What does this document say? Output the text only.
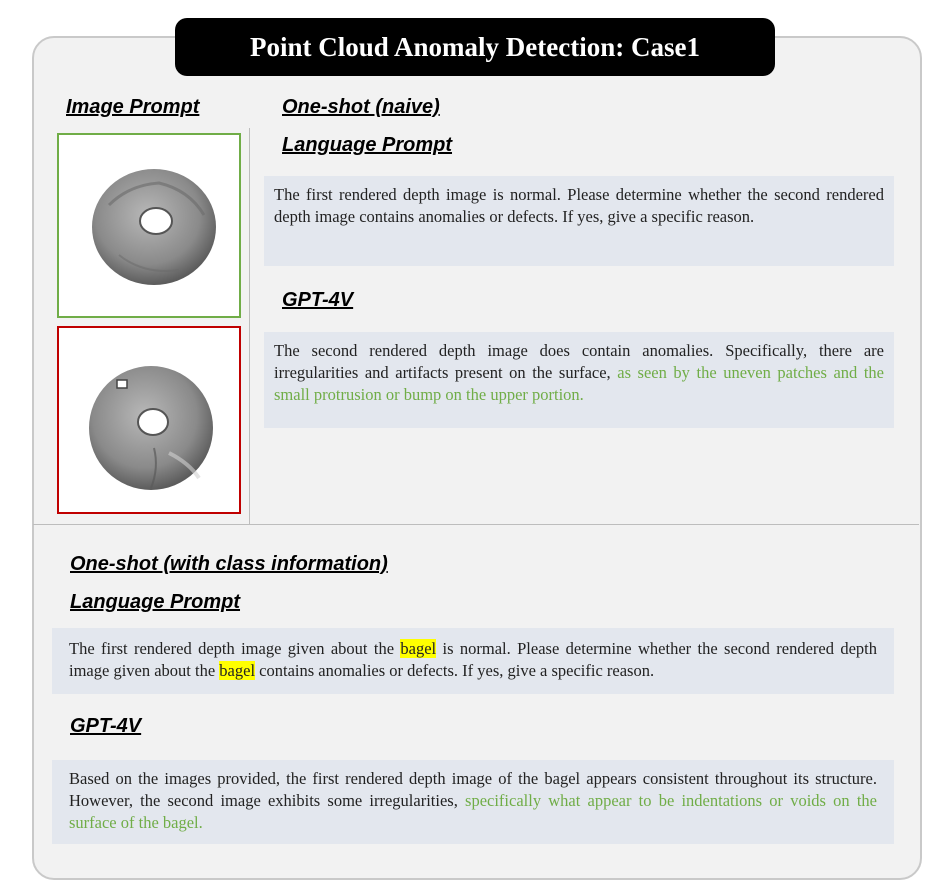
Point Cloud Anomaly Detection: Case1
Image Prompt	One-shot (naive)
Language Prompt
The first rendered depth image is normal. Please determine whether the second rendered depth image contains anomalies or defects. If yes, give a specific reason.
GPT-4V
The second rendered depth image does contain anomalies. Specifically, there are irregularities and artifacts present on the surface, as seen by the uneven patches and the small protrusion or bump on the upper portion.
One-shot (with class information)
Language Prompt
The first rendered depth image given about the bagel is normal. Please determine whether the second rendered depth image given about the bagel contains anomalies or defects. If yes, give a specific reason.
GPT-4V
Based on the images provided, the first rendered depth image of the bagel appears consistent throughout its structure. However, the second image exhibits some irregularities, specifically what appear to be indentations or voids on the surface of the bagel.
